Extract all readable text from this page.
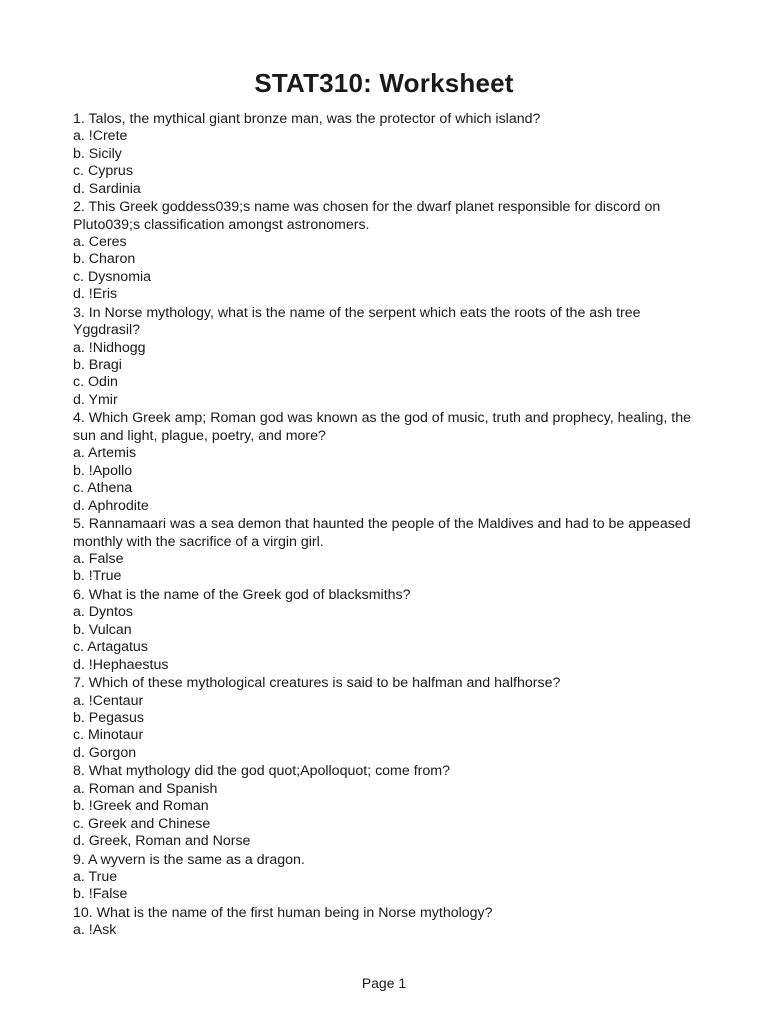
STAT310: Worksheet
1. Talos, the mythical giant bronze man, was the protector of which island?
a. !Crete
b. Sicily
c. Cyprus
d. Sardinia
2. This Greek goddess039;s name was chosen for the dwarf planet responsible for discord on Pluto039;s classification amongst astronomers.
a. Ceres
b. Charon
c. Dysnomia
d. !Eris
3. In Norse mythology, what is the name of the serpent which eats the roots of the ash tree Yggdrasil?
a. !Nidhogg
b. Bragi
c. Odin
d. Ymir
4. Which Greek amp; Roman god was known as the god of music, truth and prophecy, healing, the sun and light, plague, poetry, and more?
a. Artemis
b. !Apollo
c. Athena
d. Aphrodite
5. Rannamaari was a sea demon that haunted the people of the Maldives and had to be appeased monthly with the sacrifice of a virgin girl.
a. False
b. !True
6. What is the name of the Greek god of blacksmiths?
a. Dyntos
b. Vulcan
c. Artagatus
d. !Hephaestus
7. Which of these mythological creatures is said to be halfman and halfhorse?
a. !Centaur
b. Pegasus
c. Minotaur
d. Gorgon
8. What mythology did the god quot;Apolloquot; come from?
a. Roman and Spanish
b. !Greek and Roman
c. Greek and Chinese
d. Greek, Roman and Norse
9. A wyvern is the same as a dragon.
a. True
b. !False
10. What is the name of the first human being in Norse mythology?
a. !Ask
Page 1
